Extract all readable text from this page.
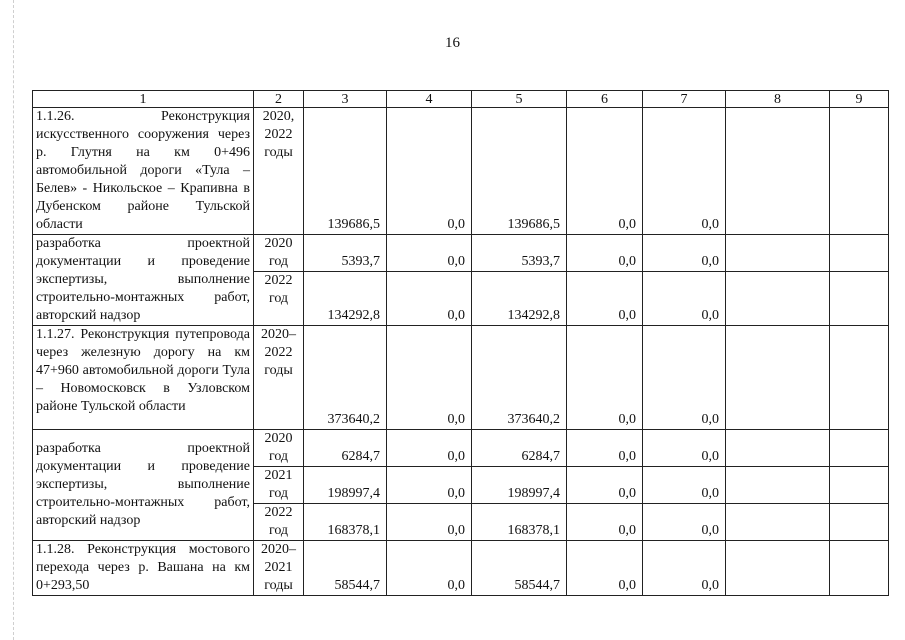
16
1	2	3	4	5	6	7	8	9
1.1.26. Реконструкция искусственного сооружения через р. Глутня на км 0+496 автомобильной дороги «Тула – Белев» - Никольское – Крапивна в Дубенском районе Тульской области	2020, 2022 годы	139686,5	0,0	139686,5	0,0	0,0		
разработка проектной документации и проведение экспертизы, выполнение строительно-монтажных работ, авторский надзор	2020 год	5393,7	0,0	5393,7	0,0	0,0		
	2022 год	134292,8	0,0	134292,8	0,0	0,0		
1.1.27. Реконструкция путепровода через железную дорогу на км 47+960 автомобильной дороги Тула – Новомосковск в Узловском районе Тульской области	2020– 2022 годы	373640,2	0,0	373640,2	0,0	0,0		
разработка проектной документации и проведение экспертизы, выполнение строительно-монтажных работ, авторский надзор	2020 год	6284,7	0,0	6284,7	0,0	0,0		
	2021 год	198997,4	0,0	198997,4	0,0	0,0		
	2022 год	168378,1	0,0	168378,1	0,0	0,0		
1.1.28. Реконструкция мостового перехода через р. Вашана на км 0+293,50	2020– 2021 годы	58544,7	0,0	58544,7	0,0	0,0		
